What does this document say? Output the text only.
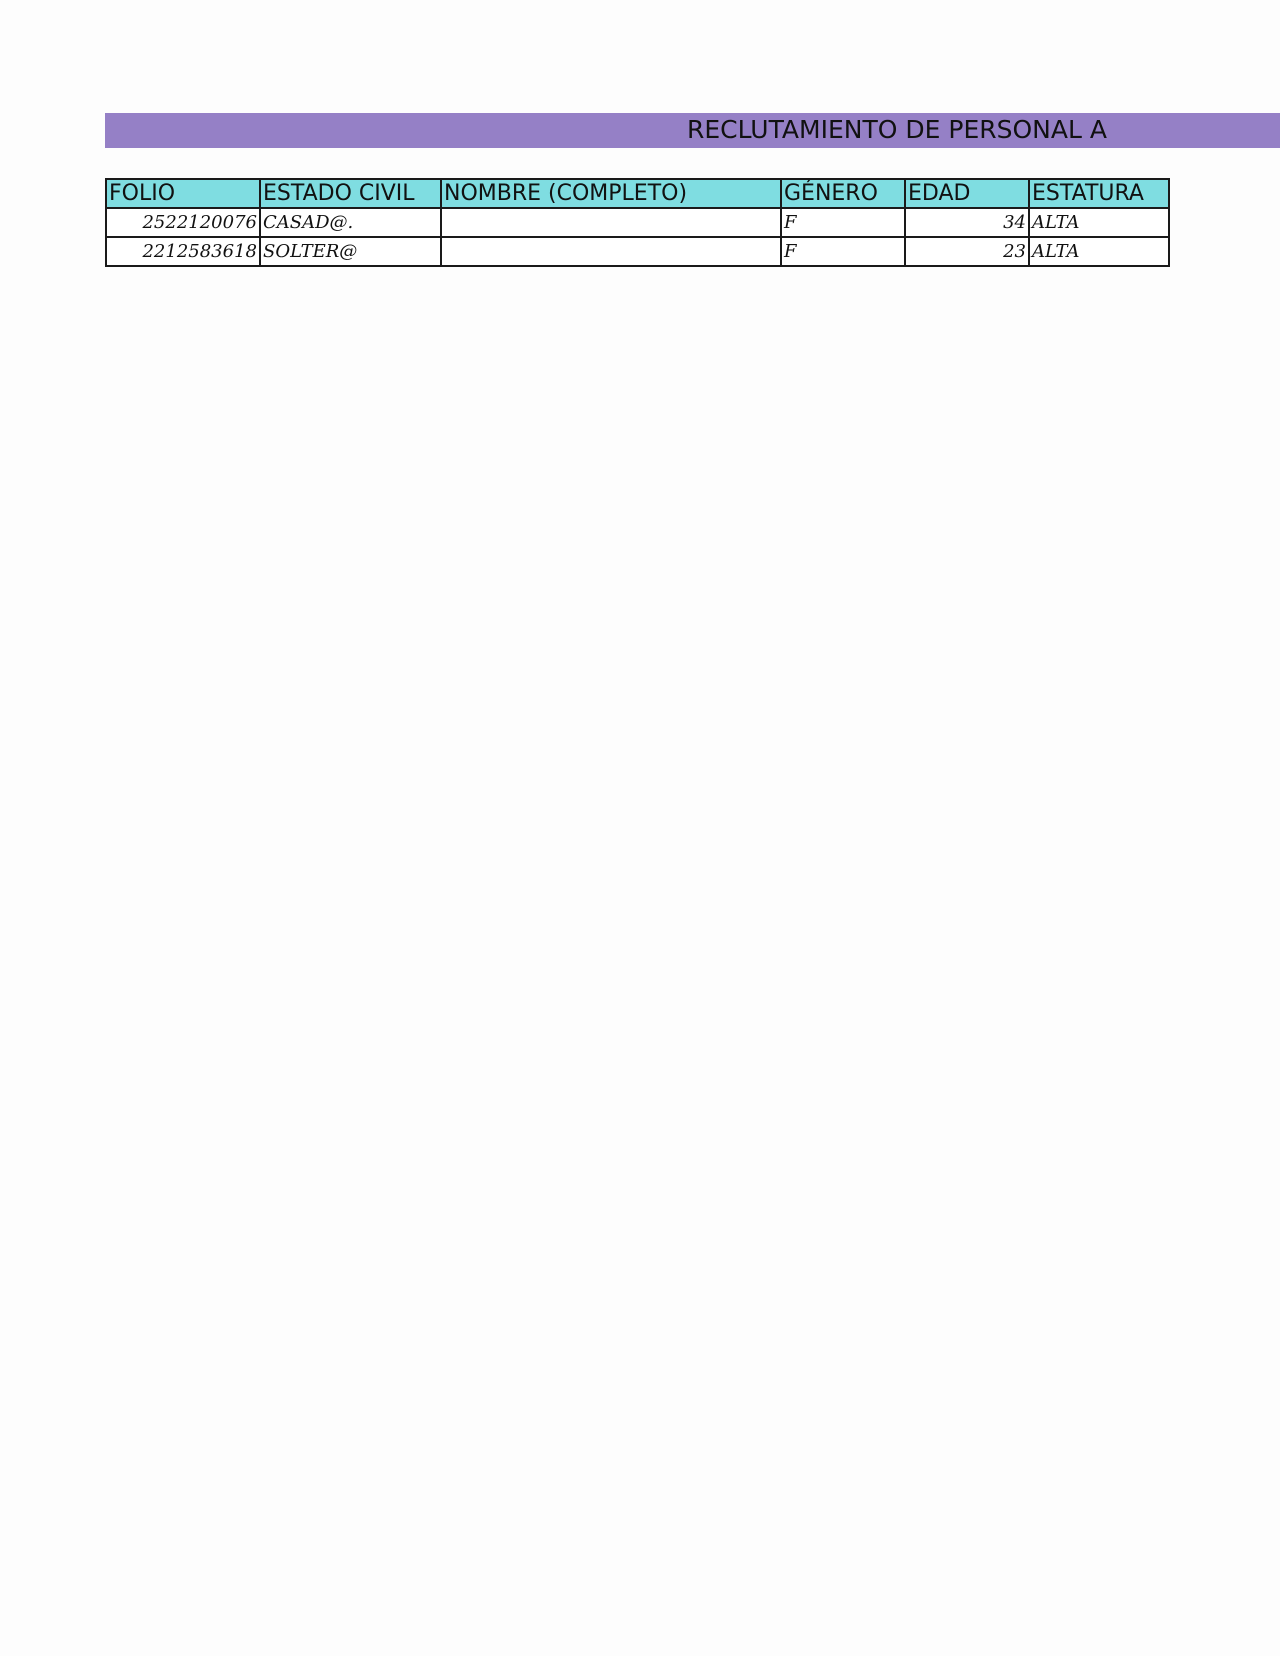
RECLUTAMIENTO DE PERSONAL A
FOLIO	ESTADO CIVIL	NOMBRE (COMPLETO)	GÉNERO	EDAD	ESTATURA
2522120076	CASAD@.		F	34	ALTA
2212583618	SOLTER@		F	23	ALTA
